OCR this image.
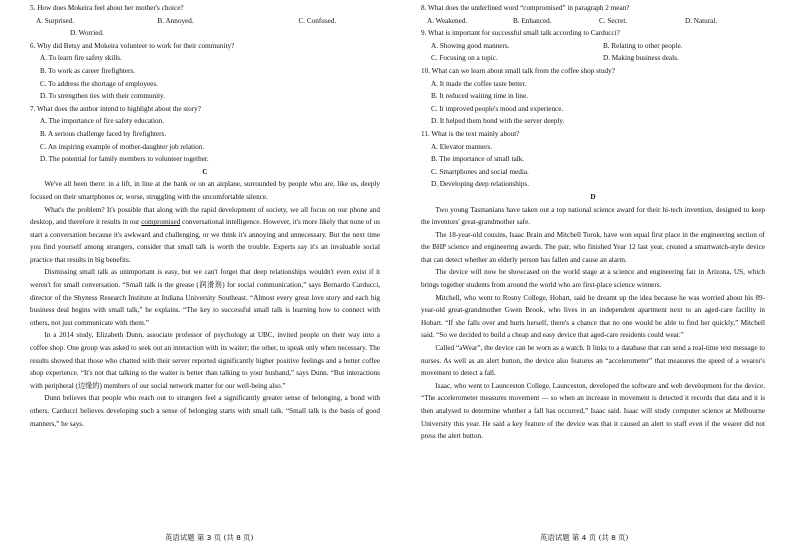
5. How does Mokeira feel about her mother's choice?

A. Surprised.	B. Annoyed.	C. Confused.
D. Worried.

6. Why did Betsy and Mokeira volunteer to work for their community?

A. To learn fire safety skills.
B. To work as career firefighters.
C. To address the shortage of employees.
D. To strengthen ties with their community.

7. What does the author intend to highlight about the story?

A. The importance of fire safety education.
B. A serious challenge faced by firefighters.
C. An inspiring example of mother-daughter job relation.
D. The potential for family members to volunteer together.

C

We've all been there: in a lift, in line at the bank or on an airplane, surrounded by people who are, like us, deeply focused on their smartphones or, worse, struggling with the uncomfortable silence.

What's the problem? It's possible that along with the rapid development of society, we all focus on our phone and desktop, and therefore it results in our compromised conversational intelligence. However, it's more likely that none of us start a conversation because it's awkward and challenging, or we think it's annoying and unnecessary. But the next time you find yourself among strangers, consider that small talk is worth the trouble. Experts say it's an invaluable social practice that results in big benefits.

Dismissing small talk as unimportant is easy, but we can't forget that deep relationships wouldn't even exist if it weren't for small conversation. “Small talk is the grease (润滑剂) for social communication,” says Bernardo Carducci, director of the Shyness Research Institute at Indiana University Southeast. “Almost every great love story and each big business deal begins with small talk,” he explains. “The key to successful small talk is learning how to connect with others, not just communicate with them.”

In a 2014 study, Elizabeth Dunn, associate professor of psychology at UBC, invited people on their way into a coffee shop. One group was asked to seek out an interaction with its waiter; the other, to speak only when necessary. The results showed that those who chatted with their server reported significantly higher positive feelings and a better coffee shop experience. “It's not that talking to the waiter is better than talking to your husband,” says Dunn. “But interactions with peripheral (边缘的) members of our social network matter for our well-being also.”

Dunn believes that people who reach out to strangers feel a significantly greater sense of belonging, a bond with others. Carducci believes developing such a sense of belonging starts with small talk. “Small talk is the basis of good manners,” he says.

8. What does the underlined word “compromised” in paragraph 2 mean?

A. Weakened.	B. Enhanced.	C. Secret.	D. Natural.

9. What is important for successful small talk according to Carducci?

A. Showing good manners.	B. Relating to other people.
C. Focusing on a topic.	D. Making business deals.

10. What can we learn about small talk from the coffee shop study?

A. It made the coffee taste better.
B. It reduced waiting time in line.
C. It improved people's mood and experience.
D. It helped them bond with the server deeply.

11. What is the text mainly about?

A. Elevator manners.
B. The importance of small talk.
C. Smartphones and social media.
D. Developing deep relationships.

D

Two young Tasmanians have taken out a top national science award for their hi-tech invention, designed to keep the inventors' great-grandmother safe.

The 18-year-old cousins, Isaac Brain and Mitchell Torok, have won equal first place in the engineering section of the BHP science and engineering awards. The pair, who finished Year 12 last year, created a smartwatch-style device that can detect whether an elderly person has fallen and cause an alarm.

The device will now be showcased on the world stage at a science and engineering fair in Arizona, US, which brings together students from around the world who are first-place science winners.

Mitchell, who went to Rosny College, Hobart, said he dreamt up the idea because he was worried about his 89-year-old great-grandmother Gwen Brook, who lives in an independent apartment next to an aged-care facility in Hobart. “If she falls over and hurts herself, there's a chance that no one would be able to find her quickly,” Mitchell said. “So we decided to build a cheap and easy device that aged-care residents could wear.”

Called “aWear”, the device can be worn as a watch. It links to a database that can send a real-time text message to nurses. As well as an alert button, the device also features an “accelerometer” that measures the speed of a wearer's movement to detect a fall.

Isaac, who went to Launceston College, Launceston, developed the software and web development for the device. “The accelerometer measures movement — so when an increase in movement is detected it records that data and it is then analysed to determine whether a fall has occurred,” Isaac said. Isaac will study computer science at Melbourne University this year. He said a key feature of the device was that it caused an alert to staff even if the wearer did not press the alert button.

英语试题 第 3 页 (共 8 页)	英语试题 第 4 页 (共 8 页)
